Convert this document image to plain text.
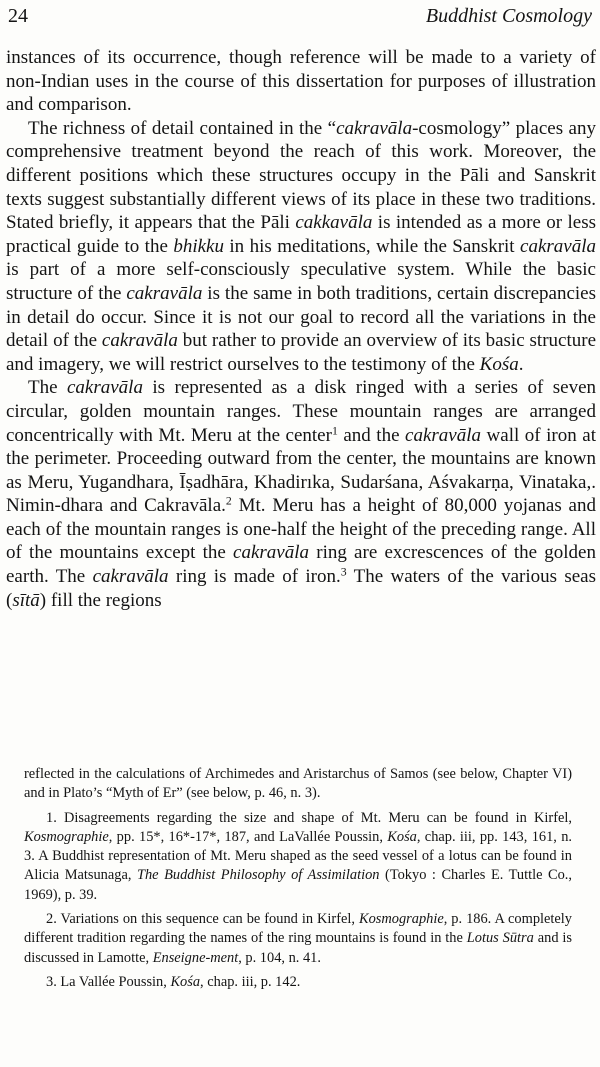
24	Buddhist Cosmology

instances of its occurrence, though reference will be made to a variety of non-Indian uses in the course of this dissertation for purposes of illustration and comparison.

The richness of detail contained in the “cakravāla-cosmology” places any comprehensive treatment beyond the reach of this work. Moreover, the different positions which these structures occupy in the Pāli and Sanskrit texts suggest substantially different views of its place in these two traditions. Stated briefly, it appears that the Pāli cakkavāla is intended as a more or less practical guide to the bhikku in his meditations, while the Sanskrit cakravāla is part of a more self-consciously speculative system. While the basic structure of the cakravāla is the same in both traditions, certain discrepancies in detail do occur. Since it is not our goal to record all the variations in the detail of the cakravāla but rather to provide an overview of its basic structure and imagery, we will restrict ourselves to the testimony of the Kośa.

The cakravāla is represented as a disk ringed with a series of seven circular, golden mountain ranges. These mountain ranges are arranged concentrically with Mt. Meru at the center$^1$ and the cakravāla wall of iron at the perimeter. Proceeding outward from the center, the mountains are known as Meru, Yugandhara, Īṣadhāra, Khadirıka, Sudarśana, Aśvakarṇa, Vinataka,. Nimin-dhara and Cakravāla.$^2$ Mt. Meru has a height of 80,000 yojanas and each of the mountain ranges is one-half the height of the preceding range. All of the mountains except the cakravāla ring are excrescences of the golden earth. The cakravāla ring is made of iron.$^3$ The waters of the various seas (sītā) fill the regions

reflected in the calculations of Archimedes and Aristarchus of Samos (see below, Chapter VI) and in Plato’s “Myth of Er” (see below, p. 46, n. 3).

1. Disagreements regarding the size and shape of Mt. Meru can be found in Kirfel, Kosmographie, pp. 15*, 16*-17*, 187, and LaVallée Poussin, Kośa, chap. iii, pp. 143, 161, n. 3. A Buddhist representation of Mt. Meru shaped as the seed vessel of a lotus can be found in Alicia Matsunaga, The Buddhist Philosophy of Assimilation (Tokyo : Charles E. Tuttle Co., 1969), p. 39.

2. Variations on this sequence can be found in Kirfel, Kosmographie, p. 186. A completely different tradition regarding the names of the ring mountains is found in the Lotus Sūtra and is discussed in Lamotte, Enseigne-ment, p. 104, n. 41.

3. La Vallée Poussin, Kośa, chap. iii, p. 142.
